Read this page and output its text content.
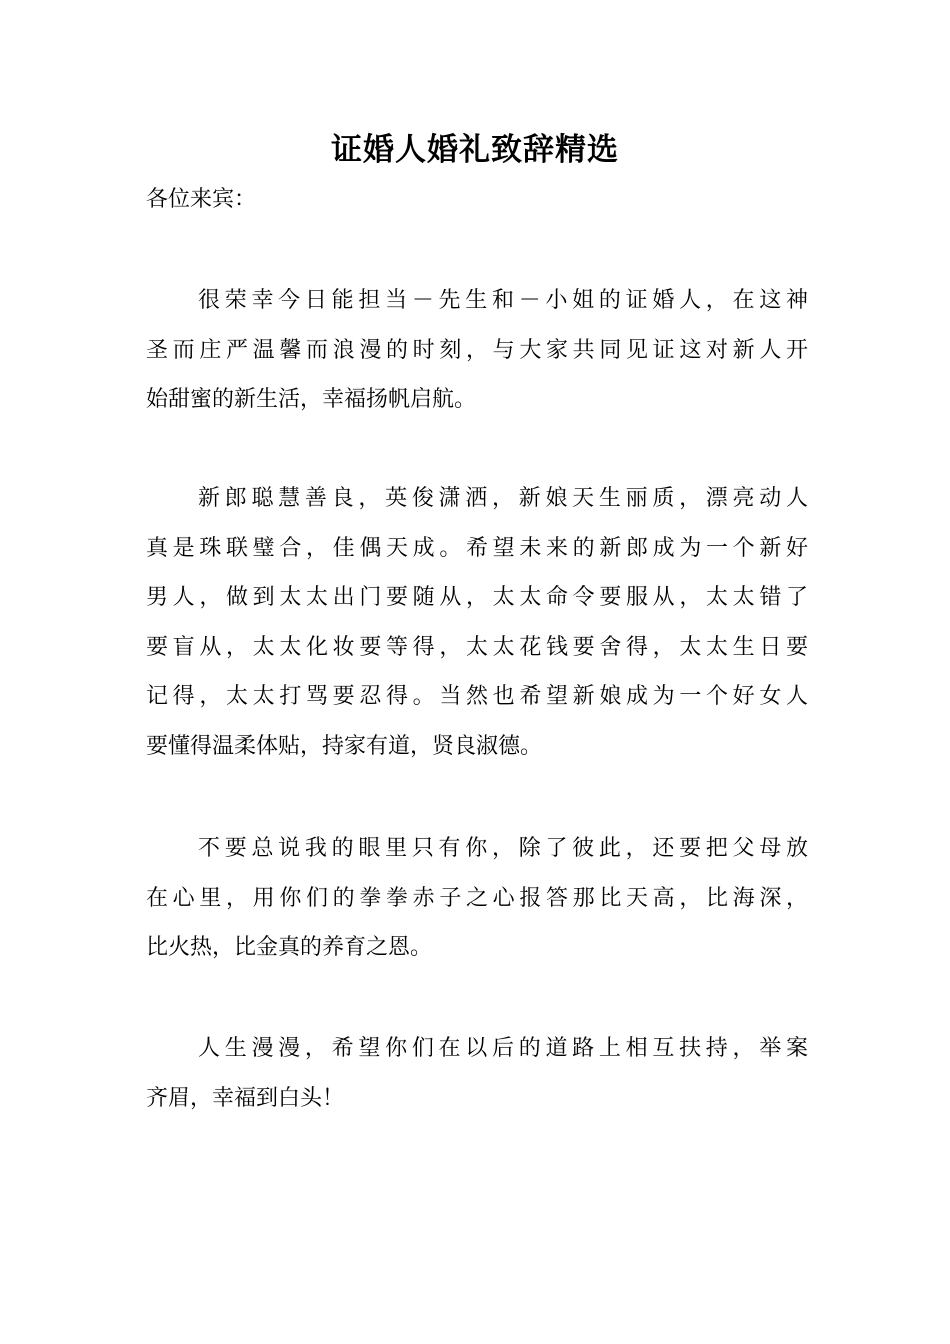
证婚人婚礼致辞精选

各位来宾：

很荣幸今日能担当－先生和－小姐的证婚人，在这神
圣而庄严温馨而浪漫的时刻，与大家共同见证这对新人开
始甜蜜的新生活，幸福扬帆启航。
新郎聪慧善良，英俊潇洒，新娘天生丽质，漂亮动人
真是珠联璧合，佳偶天成。希望未来的新郎成为一个新好
男人，做到太太出门要随从，太太命令要服从，太太错了
要盲从，太太化妆要等得，太太花钱要舍得，太太生日要
记得，太太打骂要忍得。当然也希望新娘成为一个好女人
要懂得温柔体贴，持家有道，贤良淑德。
不要总说我的眼里只有你，除了彼此，还要把父母放
在心里，用你们的拳拳赤子之心报答那比天高，比海深，
比火热，比金真的养育之恩。
人生漫漫，希望你们在以后的道路上相互扶持，举案
齐眉，幸福到白头！
